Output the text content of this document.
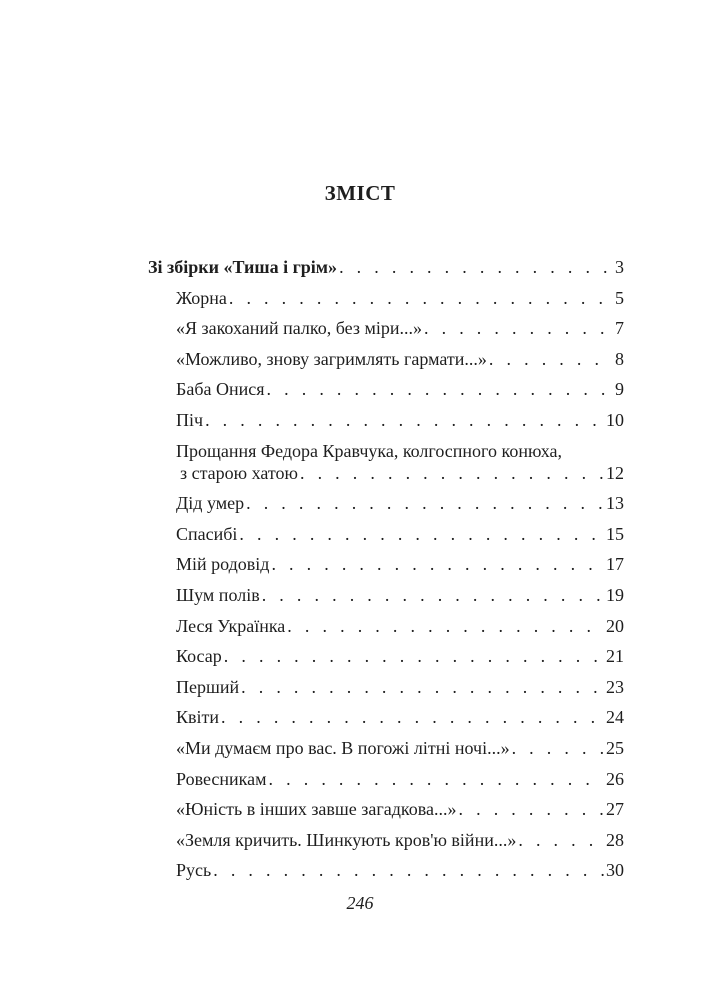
ЗМІСТ
Зі збірки «Тиша і грім» . . .	3
Жорна . . .	5
«Я закоханий палко, без міри...» . . .	7
«Можливо, знову загримлять гармати...» . . .	8
Баба Онися . . .	9
Піч . . .	10
Прощання Федора Кравчука, колгоспного конюха,
з старою хатою . . .	12
Дід умер . . .	13
Спасибі . . .	15
Мій родовід . . .	17
Шум полів . . .	19
Леся Українка . . .	20
Косар . . .	21
Перший . . .	23
Квіти . . .	24
«Ми думаєм про вас. В погожі літні ночі...» . . .	25
Ровесникам . . .	26
«Юність в інших завше загадкова...» . . .	27
«Земля кричить. Шинкують кров'ю війни...» . . .	28
Русь . . .	30
246
